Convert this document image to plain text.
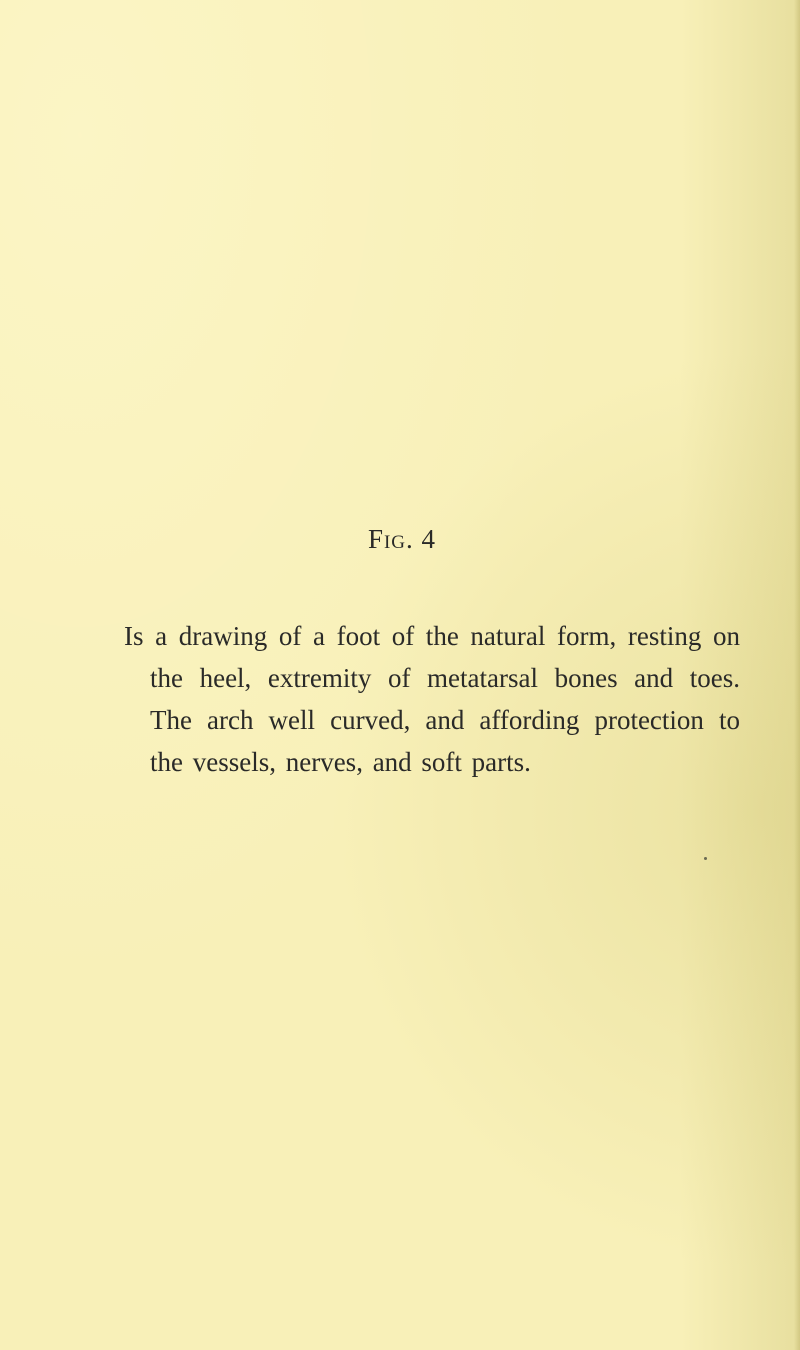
Fig. 4

Is a drawing of a foot of the natural form, resting on the heel, extremity of metatarsal bones and toes. The arch well curved, and affording protection to the vessels, nerves, and soft parts.
